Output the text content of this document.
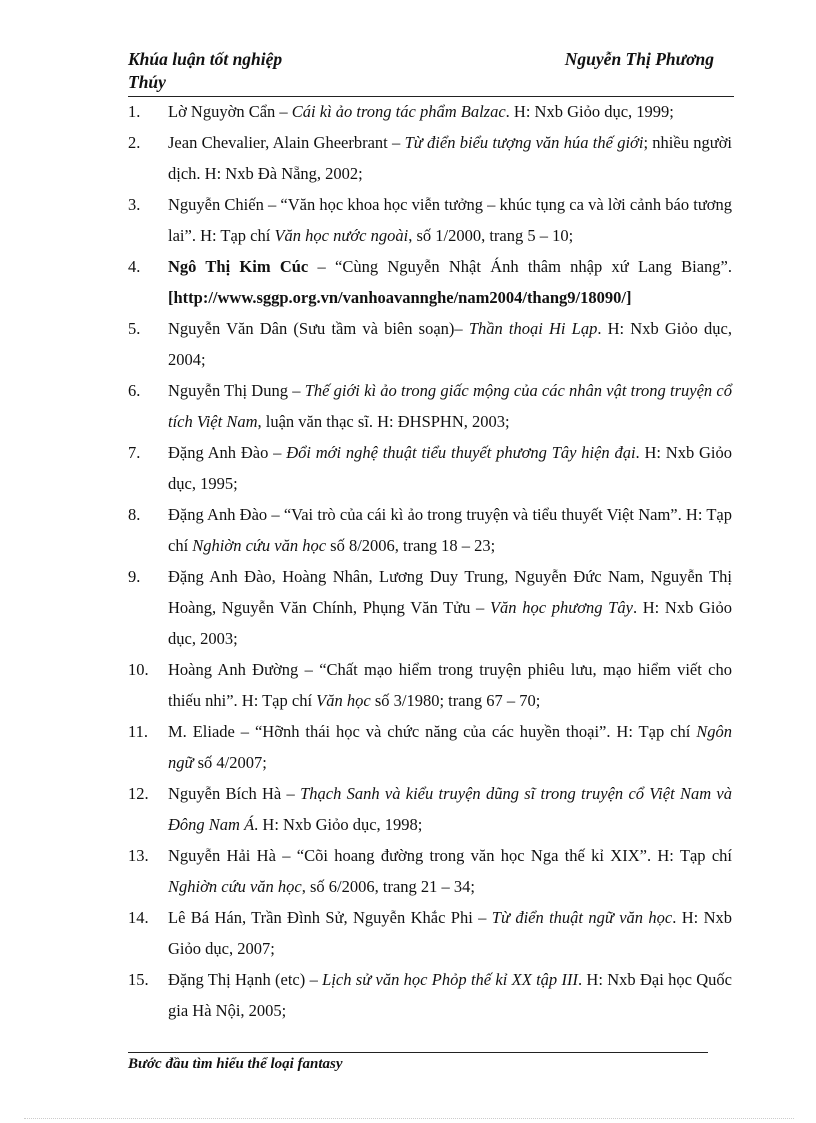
Khúa luận tốt nghiệp	Nguyễn Thị Phương
Thúy
1. Lờ Nguyờn Cẩn – Cái kì ảo trong tác phẩm Balzac. H: Nxb Giỏo dục, 1999;
2. Jean Chevalier, Alain Gheerbrant – Từ điển biểu tượng văn húa thế giới; nhiều người dịch. H: Nxb Đà Nẵng, 2002;
3. Nguyễn Chiến – “Văn học khoa học viễn tưởng – khúc tụng ca và lời cảnh báo tương lai”. H: Tạp chí Văn học nước ngoài, số 1/2000, trang 5 – 10;
4. Ngô Thị Kim Cúc – “Cùng Nguyễn Nhật Ánh thâm nhập xứ Lang Biang”. [http://www.sggp.org.vn/vanhoavannghe/nam2004/thang9/18090/]
5. Nguyễn Văn Dân (Sưu tầm và biên soạn)– Thần thoại Hi Lạp. H: Nxb Giỏo dục, 2004;
6. Nguyễn Thị Dung – Thế giới kì ảo trong giấc mộng của các nhân vật trong truyện cổ tích Việt Nam, luận văn thạc sĩ. H: ĐHSPHN, 2003;
7. Đặng Anh Đào – Đổi mới nghệ thuật tiểu thuyết phương Tây hiện đại. H: Nxb Giỏo dục, 1995;
8. Đặng Anh Đào – “Vai trò của cái kì ảo trong truyện và tiểu thuyết Việt Nam”. H: Tạp chí Nghiờn cứu văn học số 8/2006, trang 18 – 23;
9. Đặng Anh Đào, Hoàng Nhân, Lương Duy Trung, Nguyễn Đức Nam, Nguyễn Thị Hoàng, Nguyễn Văn Chính, Phụng Văn Tửu – Văn học phương Tây. H: Nxb Giỏo dục, 2003;
10. Hoàng Anh Đường – “Chất mạo hiểm trong truyện phiêu lưu, mạo hiểm viết cho thiếu nhi”. H: Tạp chí Văn học số 3/1980; trang 67 – 70;
11. M. Eliade – “Hỡnh thái học và chức năng của các huyền thoại”. H: Tạp chí Ngôn ngữ số 4/2007;
12. Nguyễn Bích Hà – Thạch Sanh và kiểu truyện dũng sĩ trong truyện cổ Việt Nam và Đông Nam Á. H: Nxb Giỏo dục, 1998;
13. Nguyễn Hải Hà – “Cõi hoang đường trong văn học Nga thế kỉ XIX”. H: Tạp chí Nghiờn cứu văn học, số 6/2006, trang 21 – 34;
14. Lê Bá Hán, Trần Đình Sử, Nguyễn Khắc Phi – Từ điển thuật ngữ văn học. H: Nxb Giỏo dục, 2007;
15. Đặng Thị Hạnh (etc) – Lịch sử văn học Phỏp thế kỉ XX tập III. H: Nxb Đại học Quốc gia Hà Nội, 2005;
Bước đầu tìm hiểu thể loại fantasy
